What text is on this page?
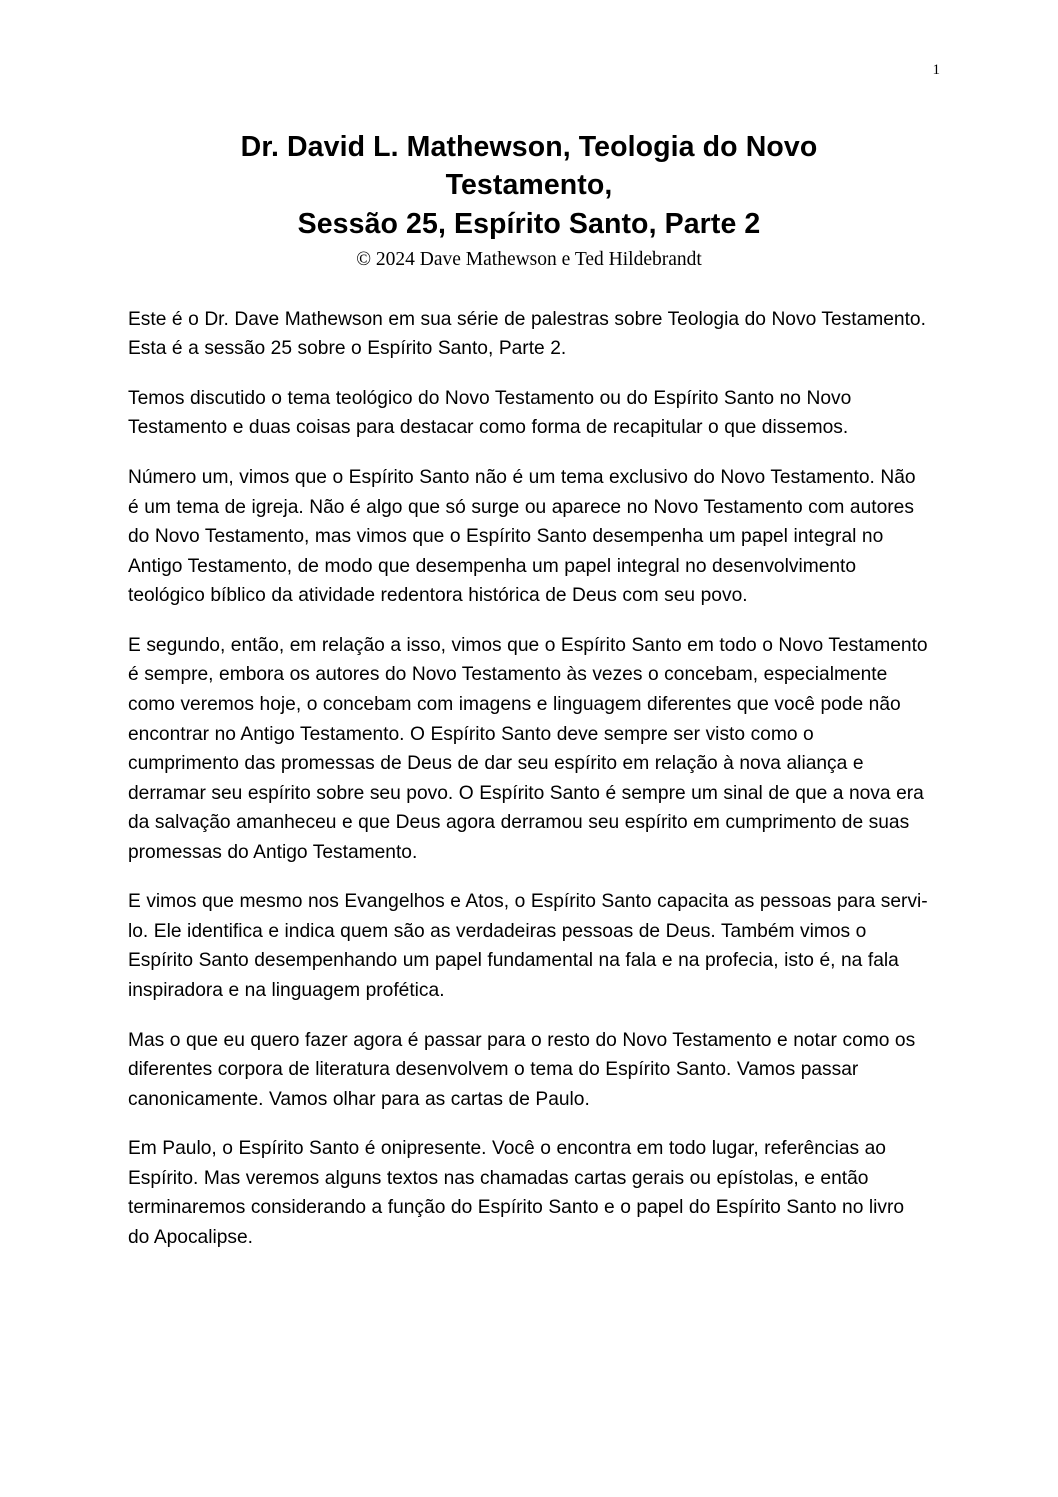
1
Dr. David L. Mathewson, Teologia do Novo
Testamento,
Sessão 25, Espírito Santo, Parte 2

© 2024 Dave Mathewson e Ted Hildebrandt

Este é o Dr. Dave Mathewson em sua série de palestras sobre Teologia do Novo Testamento. Esta é a sessão 25 sobre o Espírito Santo, Parte 2.

Temos discutido o tema teológico do Novo Testamento ou do Espírito Santo no Novo Testamento e duas coisas para destacar como forma de recapitular o que dissemos.

Número um, vimos que o Espírito Santo não é um tema exclusivo do Novo Testamento. Não é um tema de igreja. Não é algo que só surge ou aparece no Novo Testamento com autores do Novo Testamento, mas vimos que o Espírito Santo desempenha um papel integral no Antigo Testamento, de modo que desempenha um papel integral no desenvolvimento teológico bíblico da atividade redentora histórica de Deus com seu povo.

E segundo, então, em relação a isso, vimos que o Espírito Santo em todo o Novo Testamento é sempre, embora os autores do Novo Testamento às vezes o concebam, especialmente como veremos hoje, o concebam com imagens e linguagem diferentes que você pode não encontrar no Antigo Testamento. O Espírito Santo deve sempre ser visto como o cumprimento das promessas de Deus de dar seu espírito em relação à nova aliança e derramar seu espírito sobre seu povo. O Espírito Santo é sempre um sinal de que a nova era da salvação amanheceu e que Deus agora derramou seu espírito em cumprimento de suas promessas do Antigo Testamento.

E vimos que mesmo nos Evangelhos e Atos, o Espírito Santo capacita as pessoas para servi-lo. Ele identifica e indica quem são as verdadeiras pessoas de Deus. Também vimos o Espírito Santo desempenhando um papel fundamental na fala e na profecia, isto é, na fala inspiradora e na linguagem profética.

Mas o que eu quero fazer agora é passar para o resto do Novo Testamento e notar como os diferentes corpora de literatura desenvolvem o tema do Espírito Santo. Vamos passar canonicamente. Vamos olhar para as cartas de Paulo.

Em Paulo, o Espírito Santo é onipresente. Você o encontra em todo lugar, referências ao Espírito. Mas veremos alguns textos nas chamadas cartas gerais ou epístolas, e então terminaremos considerando a função do Espírito Santo e o papel do Espírito Santo no livro do Apocalipse.
